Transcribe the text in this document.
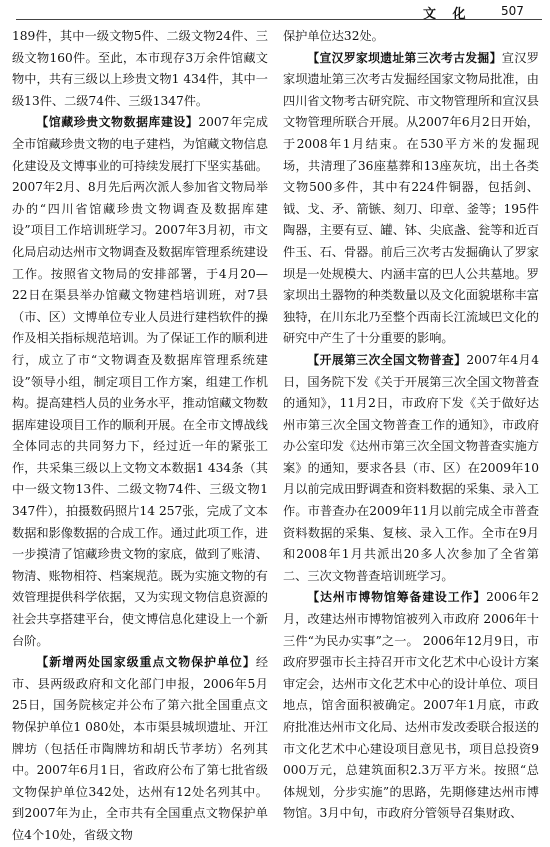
文 化 507

189件，其中一级文物5件、二级文物24件、三级文物160件。至此，本市现存3万余件馆藏文物中，共有三级以上珍贵文物1 434件，其中一级13件、二级74件、三级1347件。

【馆藏珍贵文物数据库建设】2007年完成全市馆藏珍贵文物的电子建档，为馆藏文物信息化建设及文博事业的可持续发展打下坚实基础。2007年2月、8月先后两次派人参加省文物局举办的“四川省馆藏珍贵文物调查及数据库建设”项目工作培训班学习。2007年3月初，市文化局启动达州市文物调查及数据库管理系统建设工作。按照省文物局的安排部署，于4月20—22日在渠县举办馆藏文物建档培训班，对7县（市、区）文博单位专业人员进行建档软件的操作及相关指标规范培训。为了保证工作的顺利进行，成立了市“文物调查及数据库管理系统建设”领导小组，制定项目工作方案，组建工作机构。提高建档人员的业务水平，推动馆藏文物数据库建设项目工作的顺利开展。在全市文博战线全体同志的共同努力下，经过近一年的紧张工作，共采集三级以上文物文本数据1 434条（其中一级文物13件、二级文物74件、三级文物1 347件），拍摄数码照片14 257张，完成了文本数据和影像数据的合成工作。通过此项工作，进一步摸清了馆藏珍贵文物的家底，做到了账清、物清、账物相符、档案规范。既为实施文物的有效管理提供科学依据，又为实现文物信息资源的社会共享搭建平台，使文博信息化建设上一个新台阶。

【新增两处国家级重点文物保护单位】经市、县两级政府和文化部门申报，2006年5月25日，国务院核定并公布了第六批全国重点文物保护单位1 080处，本市渠县城坝遗址、开江牌坊（包括任市陶牌坊和胡氏节孝坊）名列其中。2007年6月1日，省政府公布了第七批省级文物保护单位342处，达州有12处名列其中。到2007年为止，全市共有全国重点文物保护单位4个10处，省级文物

保护单位达32处。

【宣汉罗家坝遗址第三次考古发掘】宣汉罗家坝遗址第三次考古发掘经国家文物局批准，由四川省文物考古研究院、市文物管理所和宣汉县文物管理所联合开展。从2007年6月2日开始，于2008年1月结束。在530平方米的发掘现场，共清理了36座墓葬和13座灰坑，出土各类文物500多件，其中有224件铜器，包括剑、钺、戈、矛、箭镞、刻刀、印章、釜等；195件陶器，主要有豆、罐、钵、尖底盏、瓮等和近百件玉、石、骨器。前后三次考古发掘确认了罗家坝是一处规模大、内涵丰富的巴人公共墓地。罗家坝出土器物的种类数量以及文化面貌堪称丰富独特，在川东北乃至整个西南长江流域巴文化的研究中产生了十分重要的影响。

【开展第三次全国文物普查】2007年4月4日，国务院下发《关于开展第三次全国文物普查的通知》，11月2日，市政府下发《关于做好达州市第三次全国文物普查工作的通知》，市政府办公室印发《达州市第三次全国文物普查实施方案》的通知，要求各县（市、区）在2009年10月以前完成田野调查和资料数据的采集、录入工作。市普查办在2009年11月以前完成全市普查资料数据的采集、复核、录入工作。全市在9月和2008年1月共派出20多人次参加了全省第二、三次文物普查培训班学习。

【达州市博物馆筹备建设工作】2006年2月，改建达州市博物馆被列入市政府 2006年十三件“为民办实事”之一。 2006年12月9日，市政府罗强市长主持召开市文化艺术中心设计方案审定会，达州市文化艺术中心的设计单位、项目地点，馆舍面积被确定。2007年1月底，市政府批准达州市文化局、达州市发改委联合报送的市文化艺术中心建设项目意见书，项目总投资9 000万元，总建筑面积2.3万平方米。按照“总体规划，分步实施”的思路，先期修建达州市博物馆。3月中旬，市政府分管领导召集财政、
